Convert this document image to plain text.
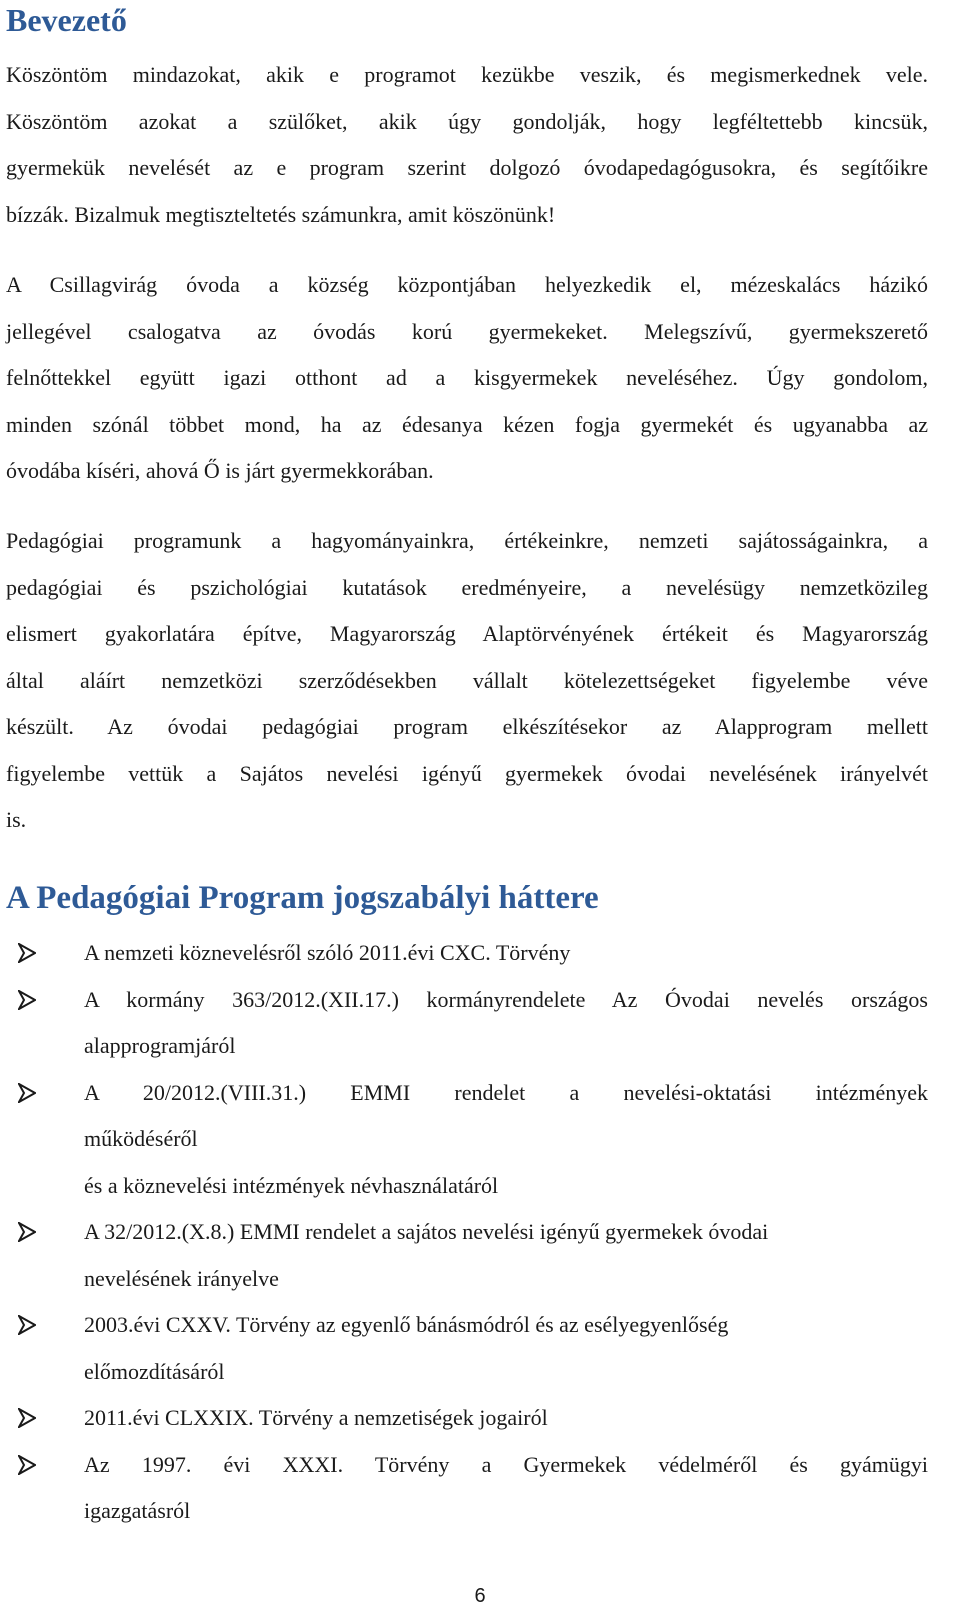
Bevezető

Köszöntöm mindazokat, akik e programot kezükbe veszik, és megismerkednek vele.
Köszöntöm azokat a szülőket, akik úgy gondolják, hogy legféltettebb kincsük,
gyermekük nevelését az e program szerint dolgozó óvodapedagógusokra, és segítőikre
bízzák. Bizalmuk megtiszteltetés számunkra, amit köszönünk!

A Csillagvirág óvoda a község központjában helyezkedik el, mézeskalács házikó
jellegével csalogatva az óvodás korú gyermekeket. Melegszívű, gyermekszerető
felnőttekkel együtt igazi otthont ad a kisgyermekek neveléséhez. Úgy gondolom,
minden szónál többet mond, ha az édesanya kézen fogja gyermekét és ugyanabba az
óvodába kíséri, ahová Ő is járt gyermekkorában.

Pedagógiai programunk a hagyományainkra, értékeinkre, nemzeti sajátosságainkra, a
pedagógiai és pszichológiai kutatások eredményeire, a nevelésügy nemzetközileg
elismert gyakorlatára építve, Magyarország Alaptörvényének értékeit és Magyarország
által aláírt nemzetközi szerződésekben vállalt kötelezettségeket figyelembe véve
készült. Az óvodai pedagógiai program elkészítésekor az Alapprogram mellett
figyelembe vettük a Sajátos nevelési igényű gyermekek óvodai nevelésének irányelvét
is.

A Pedagógiai Program jogszabályi háttere
A nemzeti köznevelésről szóló 2011.évi CXC. Törvény
A kormány 363/2012.(XII.17.) kormányrendelete Az Óvodai nevelés országos
alapprogramjáról
A 20/2012.(VIII.31.) EMMI rendelet a nevelési-oktatási intézmények
működéséről
és a köznevelési intézmények névhasználatáról
A 32/2012.(X.8.) EMMI rendelet a sajátos nevelési igényű gyermekek óvodai
nevelésének irányelve
2003.évi CXXV. Törvény az egyenlő bánásmódról és az esélyegyenlőség
előmozdításáról
2011.évi CLXXIX. Törvény a nemzetiségek jogairól
Az 1997. évi XXXI. Törvény a Gyermekek védelméről és gyámügyi
igazgatásról
6
